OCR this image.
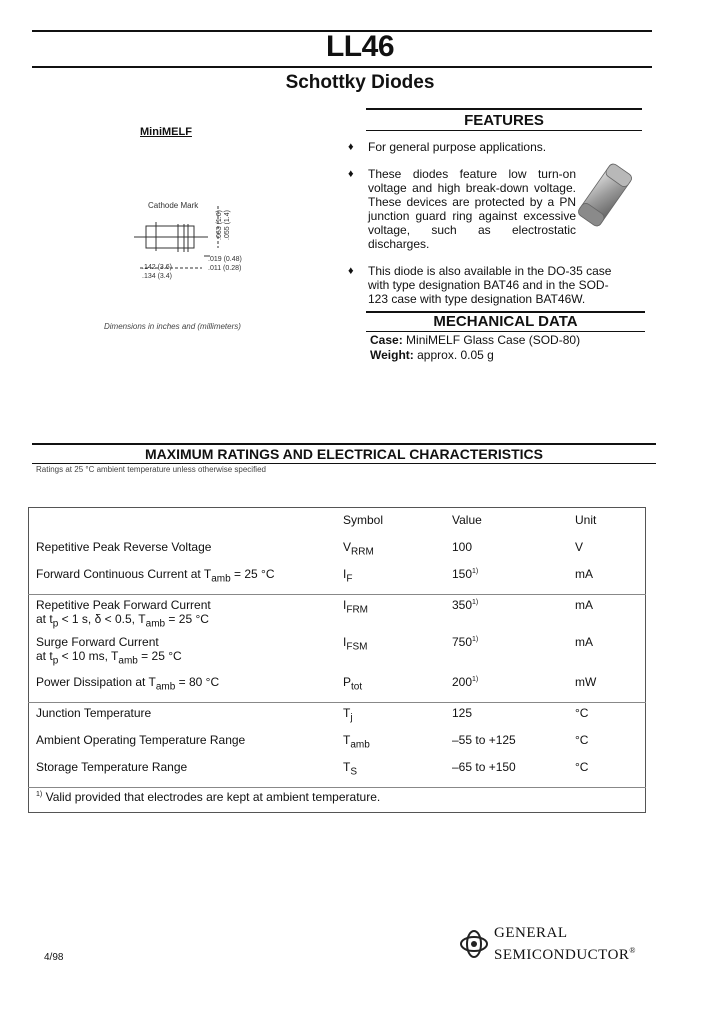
LL46
Schottky Diodes
MiniMELF
Cathode Mark
.142 (3.6)
.134 (3.4)
.019 (0.48)
.011 (0.28)
.063 (1.6) .055 (1.4)
Dimensions in inches and (millimeters)
FEATURES
♦ For general purpose applications.
♦ These diodes feature low turn-on voltage and high break-down voltage. These devices are protected by a PN junction guard ring against excessive voltage, such as electrostatic discharges.
♦ This diode is also available in the DO-35 case with type designation BAT46 and in the SOD-123 case with type designation BAT46W.
MECHANICAL DATA
Case: MiniMELF Glass Case (SOD-80)
Weight: approx. 0.05 g
MAXIMUM RATINGS AND ELECTRICAL CHARACTERISTICS
Ratings at 25 °C ambient temperature unless otherwise specified
	Symbol	Value	Unit
Repetitive Peak Reverse Voltage	$V_{RRM}$	100	V
Forward Continuous Current at $T_{amb} = 25$ °C	$I_F$	150$^{1)}$	mA
Repetitive Peak Forward Current
at $t_p < 1$ s, δ < 0.5, $T_{amb} = 25$ °C	$I_{FRM}$	350$^{1)}$	mA
Surge Forward Current
at $t_p < 10$ ms, $T_{amb} = 25$ °C	$I_{FSM}$	750$^{1)}$	mA
Power Dissipation at $T_{amb} = 80$ °C	$P_{tot}$	200$^{1)}$	mW
Junction Temperature	$T_j$	125	°C
Ambient Operating Temperature Range	$T_{amb}$	–55 to +125	°C
Storage Temperature Range	$T_S$	–65 to +150	°C
$^{1)}$ Valid provided that electrodes are kept at ambient temperature.			
4/98
GENERAL
SEMICONDUCTOR®
